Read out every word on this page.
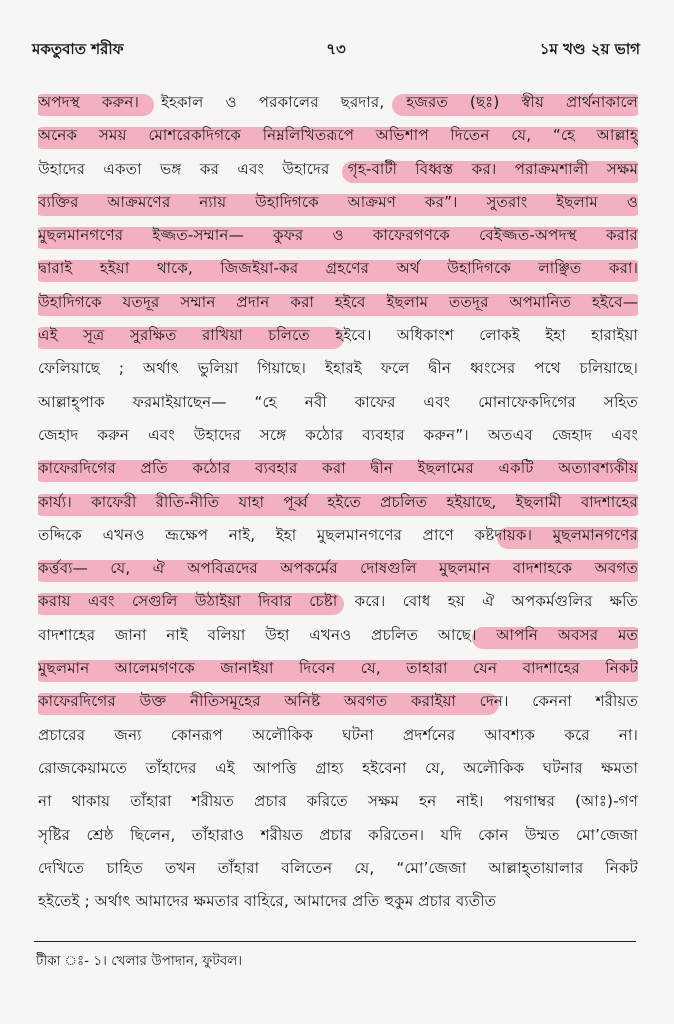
মকতুবাত শরীফ	৭৩	১ম খণ্ড ২য় ভাগ
অপদস্থ করুন। ইহকাল ও পরকালের ছরদার, হজরত (ছঃ) স্বীয় প্রার্থনাকালে
অনেক সময় মোশরেকদিগকে নিম্নলিখিতরূপে অভিশাপ দিতেন যে, “হে আল্লাহ্
উহাদের একতা ভঙ্গ কর এবং উহাদের গৃহ-বাটী বিধ্বস্ত কর। পরাক্রমশালী সক্ষম
ব্যক্তির আক্রমণের ন্যায় উহাদিগকে আক্রমণ কর”। সুতরাং ইছলাম ও
মুছলমানগণের ইজ্জত-সম্মান— কুফর ও কাফেরগণকে বেইজ্জত-অপদস্থ করার
দ্বারাই হইয়া থাকে, জিজইয়া-কর গ্রহণের অর্থ উহাদিগকে লাঞ্ছিত করা।
উহাদিগকে যতদূর সম্মান প্রদান করা হইবে ইছলাম ততদূর অপমানিত হইবে—
এই সূত্র সুরক্ষিত রাখিয়া চলিতে হইবে। অধিকাংশ লোকই ইহা হারাইয়া
ফেলিয়াছে ; অর্থাৎ ভুলিয়া গিয়াছে। ইহারই ফলে দ্বীন ধ্বংসের পথে চলিয়াছে।
আল্লাহ্পাক ফরমাইয়াছেন— “হে নবী কাফের এবং মোনাফেকদিগের সহিত
জেহাদ করুন এবং উহাদের সঙ্গে কঠোর ব্যবহার করুন”। অতএব জেহাদ এবং
কাফেরদিগের প্রতি কঠোর ব্যবহার করা দ্বীন ইছলামের একটি অত্যাবশ্যকীয়
কার্য্য। কাফেরী রীতি-নীতি যাহা পূর্ব্ব হইতে প্রচলিত হইয়াছে, ইছলামী বাদশাহের
তদ্দিকে এখনও ভ্রূক্ষেপ নাই, ইহা মুছলমানগণের প্রাণে কষ্টদায়ক। মুছলমানগণের
কর্ত্তব্য— যে, ঐ অপবিত্রদের অপকর্মের দোষগুলি মুছলমান বাদশাহকে অবগত
করায় এবং সেগুলি উঠাইয়া দিবার চেষ্টা করে। বোধ হয় ঐ অপকর্মগুলির ক্ষতি
বাদশাহের জানা নাই বলিয়া উহা এখনও প্রচলিত আছে। আপনি অবসর মত
মুছলমান আলেমগণকে জানাইয়া দিবেন যে, তাহারা যেন বাদশাহের নিকট
কাফেরদিগের উক্ত নীতিসমূহের অনিষ্ট অবগত করাইয়া দেন। কেননা শরীয়ত
প্রচারের জন্য কোনরূপ অলৌকিক ঘটনা প্রদর্শনের আবশ্যক করে না।
রোজকেয়ামতে তাঁহাদের এই আপত্তি গ্রাহ্য হইবেনা যে, অলৌকিক ঘটনার ক্ষমতা
না থাকায় তাঁহারা শরীয়ত প্রচার করিতে সক্ষম হন নাই। পয়গাম্বর (আঃ)-গণ
সৃষ্টির শ্রেষ্ঠ ছিলেন, তাঁহারাও শরীয়ত প্রচার করিতেন। যদি কোন উম্মত মো’জেজা
দেখিতে চাহিত তখন তাঁহারা বলিতেন যে, “মো’জেজা আল্লাহ্তায়ালার নিকট
হইতেই ; অর্থাৎ আমাদের ক্ষমতার বাহিরে, আমাদের প্রতি হুকুম প্রচার ব্যতীত
টীকা ঃ- ১। খেলার উপাদান, ফুটবল।
